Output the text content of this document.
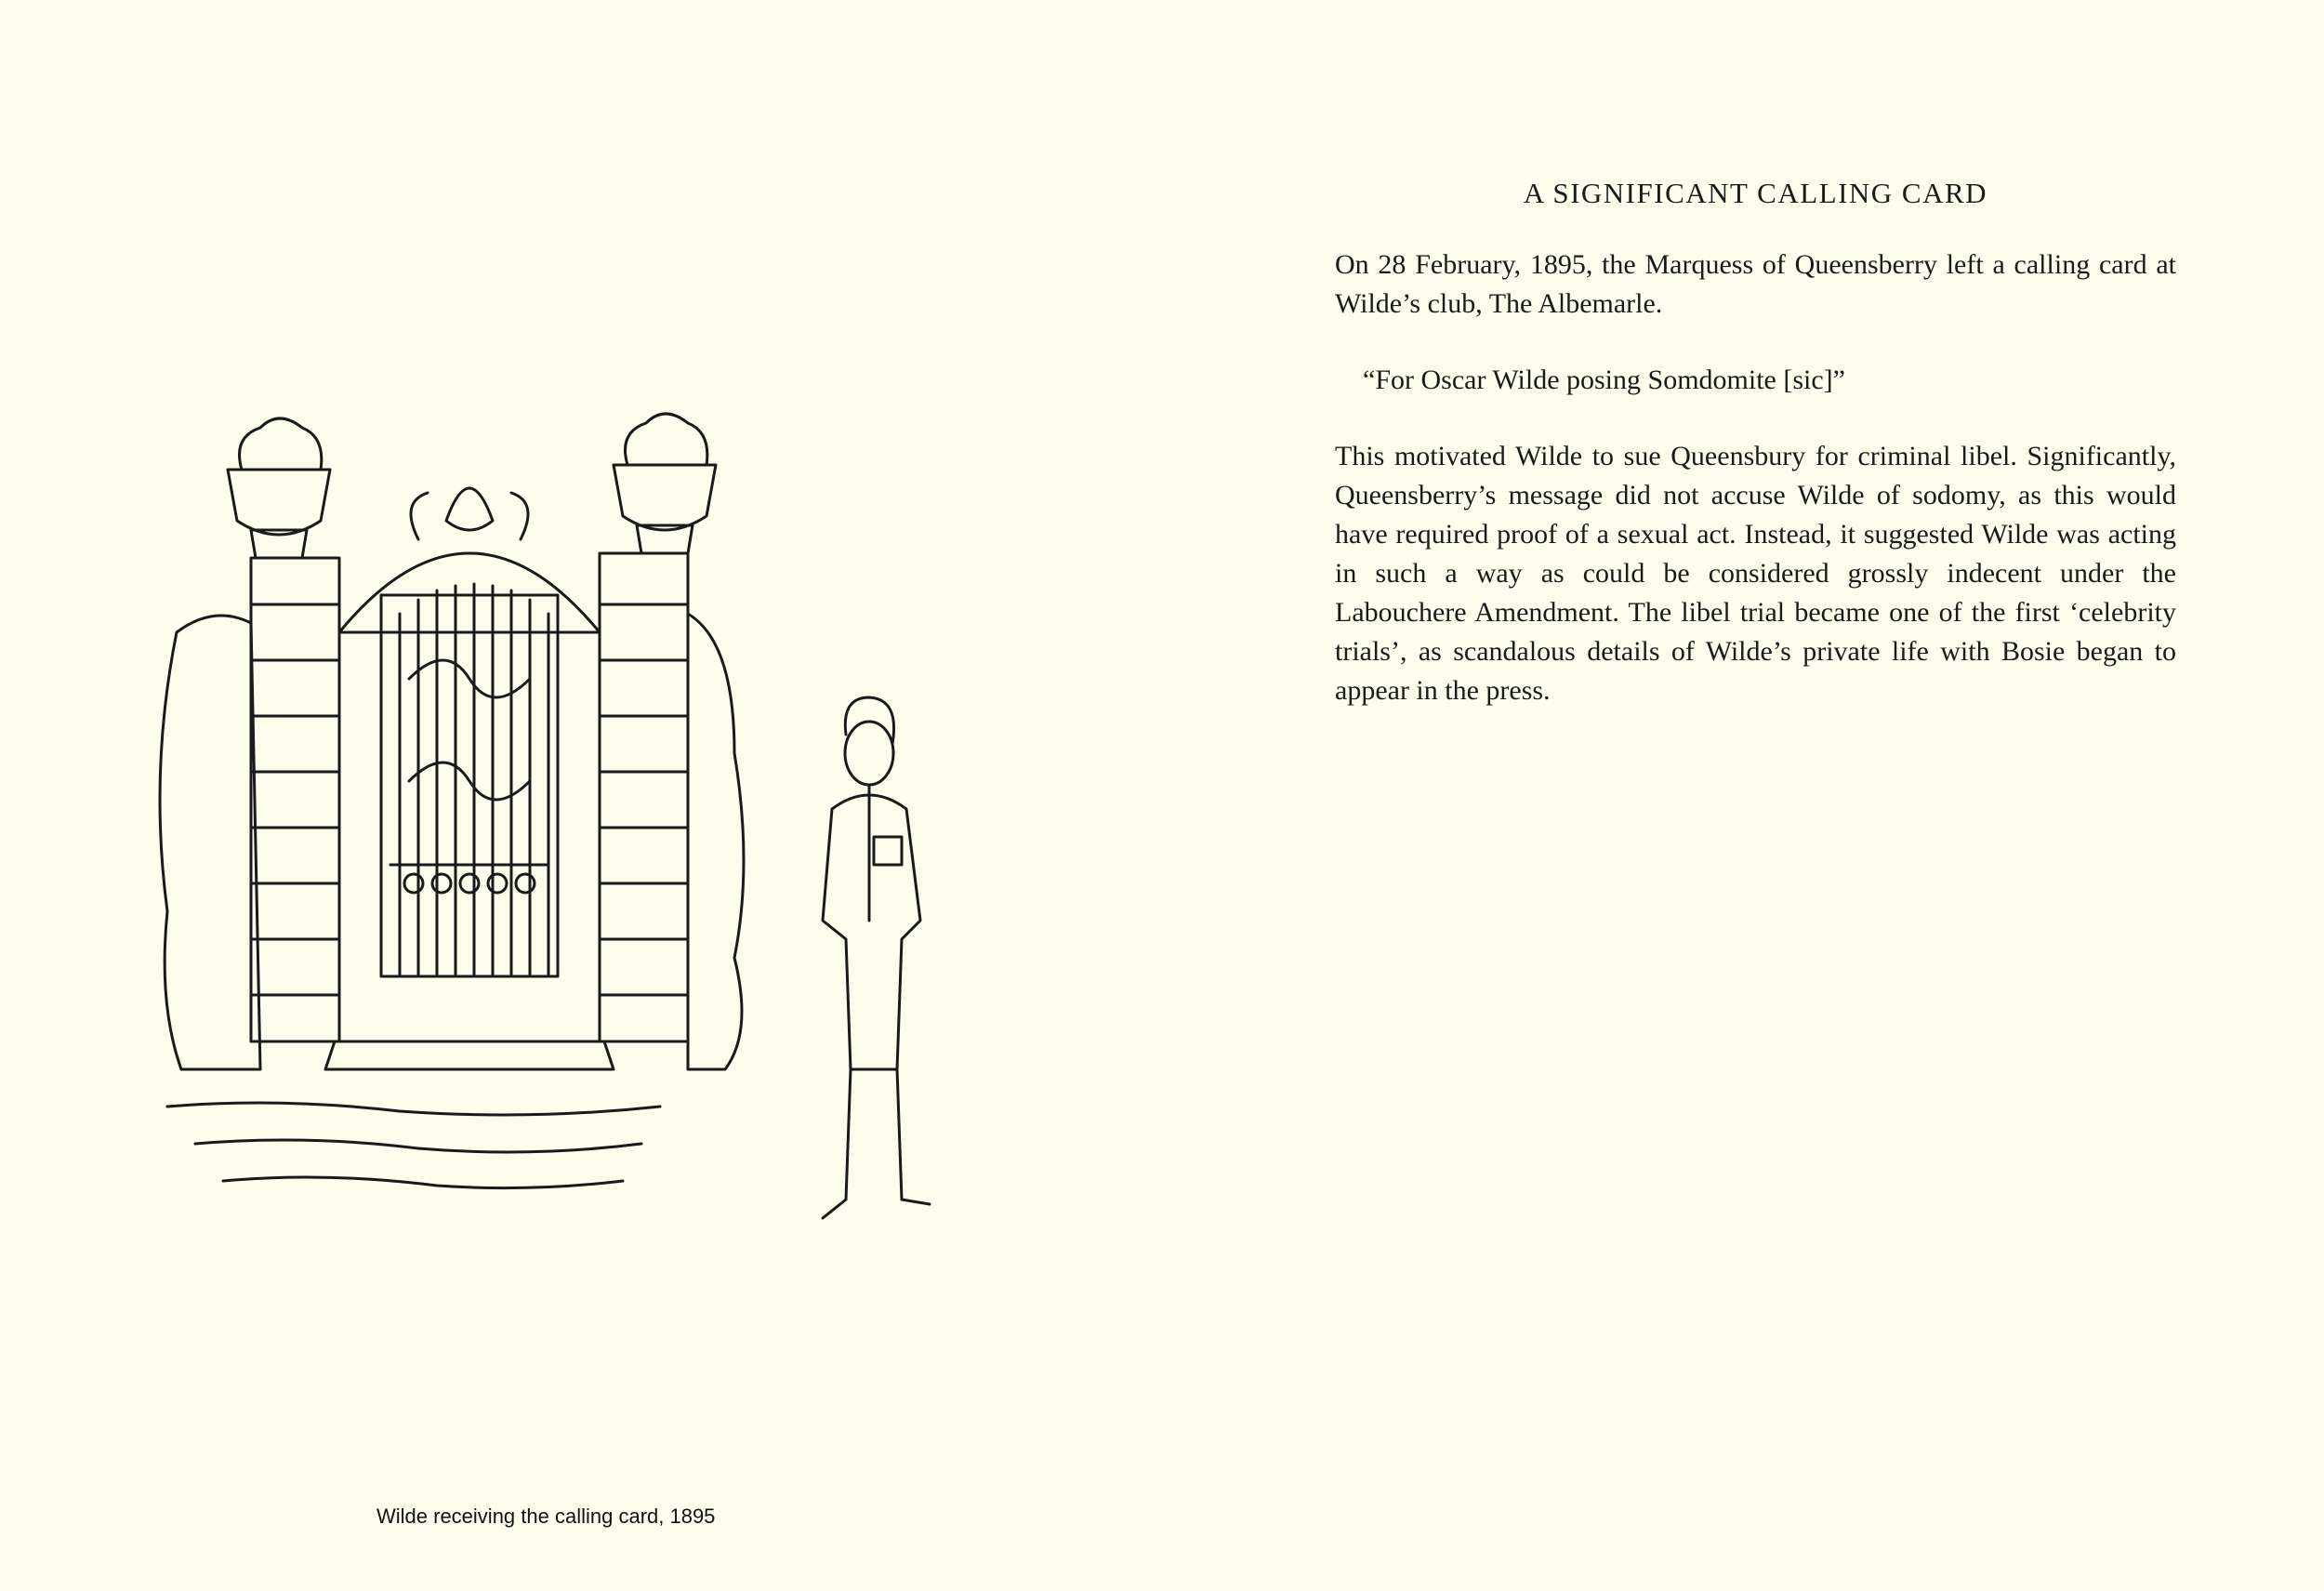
Wilde receiving the calling card, 1895
A SIGNIFICANT CALLING CARD

On 28 February, 1895, the Marquess of Queensberry left a calling card at Wilde’s club, The Albemarle.

“For Oscar Wilde posing Somdomite [sic]”

This motivated Wilde to sue Queensbury for criminal libel. Significantly, Queensberry’s message did not accuse Wilde of sodomy, as this would have required proof of a sexual act. Instead, it suggested Wilde was acting in such a way as could be considered grossly indecent under the Labouchere Amendment. The libel trial became one of the first ‘celebrity trials’, as scandalous details of Wilde’s private life with Bosie began to appear in the press.
